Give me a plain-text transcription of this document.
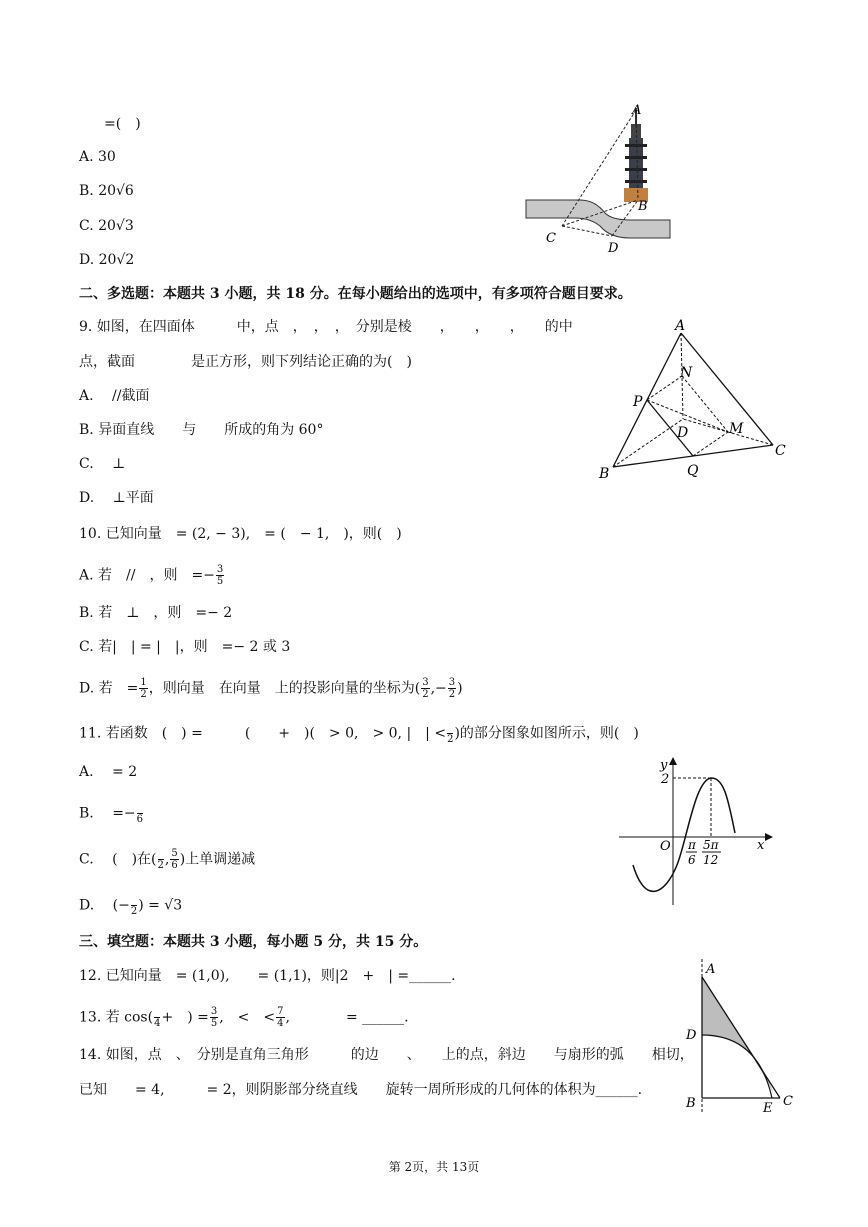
=(　)
A. 30
B. 20√6
C. 20√3
D. 20√2
A
B
C
D
二、多选题：本题共 3 小题，共 18 分。在每小题给出的选项中，有多项符合题目要求。
9. 如图，在四面体　　　中，点　，　，　，　分别是棱　　，　　，　　，　　的中
点，截面　　　　是正方形，则下列结论正确的为(　)
A. 　//截面
B. 异面直线　　与　　所成的角为 60°
C. 　⊥
D. 　⊥平面
A
N
P
D	M
C
B	Q
10. 已知向量　= (2, − 3),　= (　− 1,　)，则(　)
A. 若　//　，则　=− $\frac{3}{5}$
B. 若　⊥　，则　=− 2
C. 若|　| = |　|，则　=− 2 或 3
D. 若　= $\frac{1}{2}$ ，则向量　在向量　上的投影向量的坐标为( $\frac{3}{2}$ ,− $\frac{3}{2}$ )
11. 若函数　(　) =　　　(　　+　)(　> 0,　> 0, |　| < 2 )的部分图象如图所示，则(　)
A. 　= 2
B. 　=− 6
C. 　(　)在( 2 , $\frac{5}{6}$ )上单调递减
D. 　(− 2 ) = √3
y
x
2
O π
6
5π
12
三、填空题：本题共 3 小题，每小题 5 分，共 15 分。
12. 已知向量　= (1,0),　　= (1,1)，则|2　+　| =______.
13. 若 cos( 4 +　) = $\frac{3}{5}$ ,　<　< $\frac{7}{4}$ ,　　　　= ______.
14. 如图，点　、　分别是直角三角形　　　的边　　、　　上的点，斜边　　与扇形的弧　　相切，
已知　　= 4,　　　= 2，则阴影部分绕直线　　旋转一周所形成的几何体的体积为______.
A
D
B	E C
第 2页，共 13页
